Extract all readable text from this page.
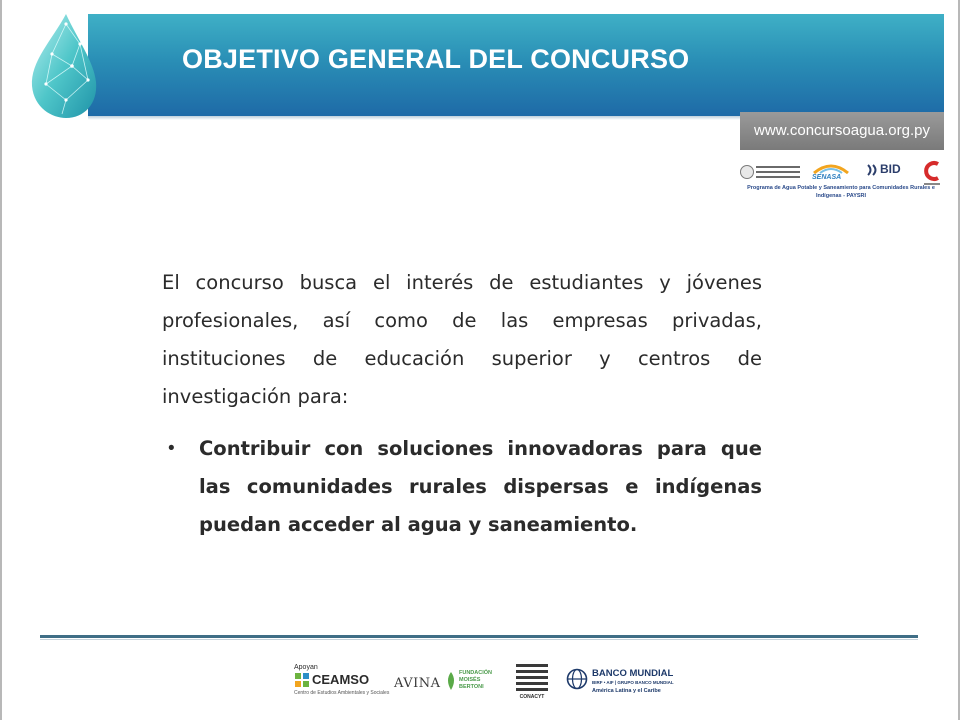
OBJETIVO GENERAL DEL CONCURSO
www.concursoagua.org.py
SENASA
BID
Programa de Agua Potable y Saneamiento para Comunidades Rurales e Indígenas - PAYSRI
El concurso busca el interés de estudiantes y jóvenes profesionales, así como de las empresas privadas, instituciones de educación superior y centros de investigación para:
• Contribuir con soluciones innovadoras para que las comunidades rurales dispersas e indígenas puedan acceder al agua y saneamiento.
Apoyan
CEAMSO
Centro de Estudios Ambientales y Sociales
AVINA
FUNDACIÓN MOISÉS BERTONI
CONACYT
BANCO MUNDIAL
BIRF • AIF | GRUPO BANCO MUNDIAL
América Latina y el Caribe
